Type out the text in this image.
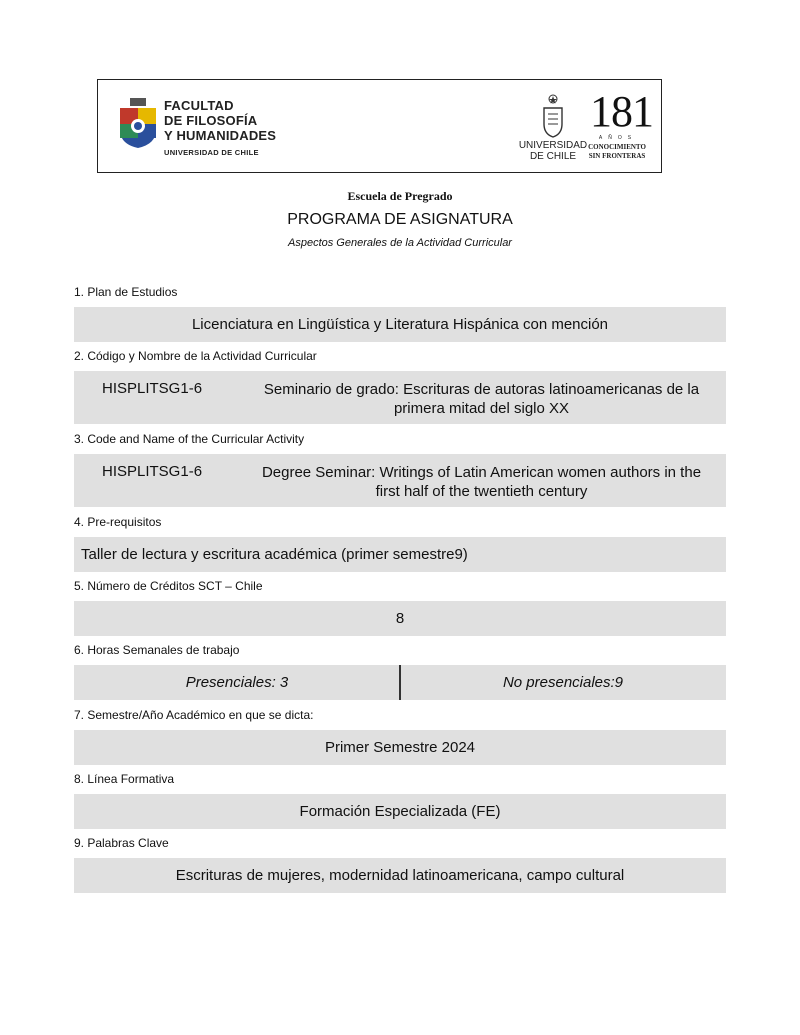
FACULTAD
DE FILOSOFÍA
Y HUMANIDADES
UNIVERSIDAD DE CHILE
UNIVERSIDAD
DE CHILE
181
AÑOS
CONOCIMIENTO
SIN FRONTERAS
Escuela de Pregrado
PROGRAMA DE ASIGNATURA
Aspectos Generales de la Actividad Curricular
1. Plan de Estudios
Licenciatura en Lingüística y Literatura Hispánica con mención
2. Código y Nombre de la Actividad Curricular
HISPLITSG1-6	Seminario de grado: Escrituras de autoras latinoamericanas de la primera mitad del siglo XX
3. Code and Name of the Curricular Activity
HISPLITSG1-6	Degree Seminar: Writings of Latin American women authors in the first half of the twentieth century
4. Pre-requisitos
Taller de lectura y escritura académica (primer semestre9)
5. Número de Créditos SCT – Chile
8
6. Horas Semanales de trabajo
Presenciales: 3	No presenciales:9
7. Semestre/Año Académico en que se dicta:
Primer Semestre 2024
8. Línea Formativa
Formación Especializada (FE)
9. Palabras Clave
Escrituras de mujeres, modernidad latinoamericana, campo cultural
